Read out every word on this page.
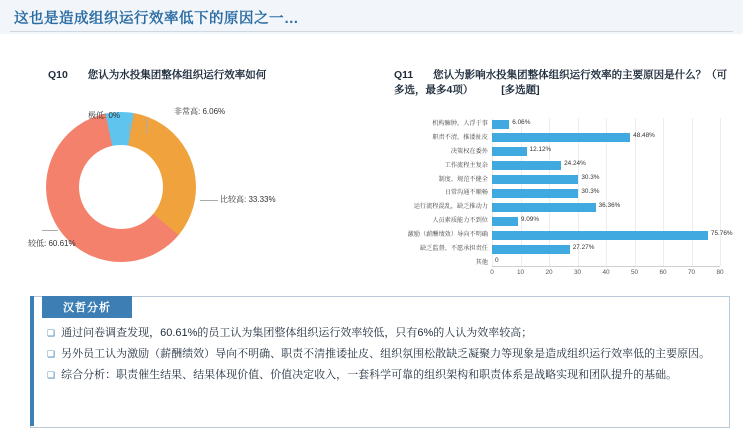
这也是造成组织运行效率低下的原因之一…
Q10 您认为水投集团整体组织运行效率如何
极低: 0%	非常高: 6.06%
比较高: 33.33%
较低: 60.61%
Q11 您认为影响水投集团整体组织运行效率的主要原因是什么？（可多选，最多4项）	[多选题]
机构臃肿，人浮于事	6.06%
职责不清，推诿扯皮	48.48%
决策权在委外	12.12%
工作流程主复杂	24.24%
制度、规范不健全	30.3%
日常沟通不顺畅	30.3%
运行流程混乱，缺乏推动力	36.36%
人员素质能力不到位	9.09%
激励（薪酬绩效）导向不明确	75.76%
缺乏监督、不愿承担责任	27.27%
其他	0
0	10	20	30	40	50	60	70	80
❑ 通过问卷调查发现，60.61%的员工认为集团整体组织运行效率较低，只有6%的人认为效率较高；
❑ 另外员工认为激励（薪酬绩效）导向不明确、职责不清推诿扯皮、组织氛围松散缺乏凝聚力等现象是造成组织运行效率低的主要原因。
❑ 综合分析：职责催生结果、结果体现价值、价值决定收入，一套科学可靠的组织架构和职责体系是战略实现和团队提升的基础。
汉哲分析
